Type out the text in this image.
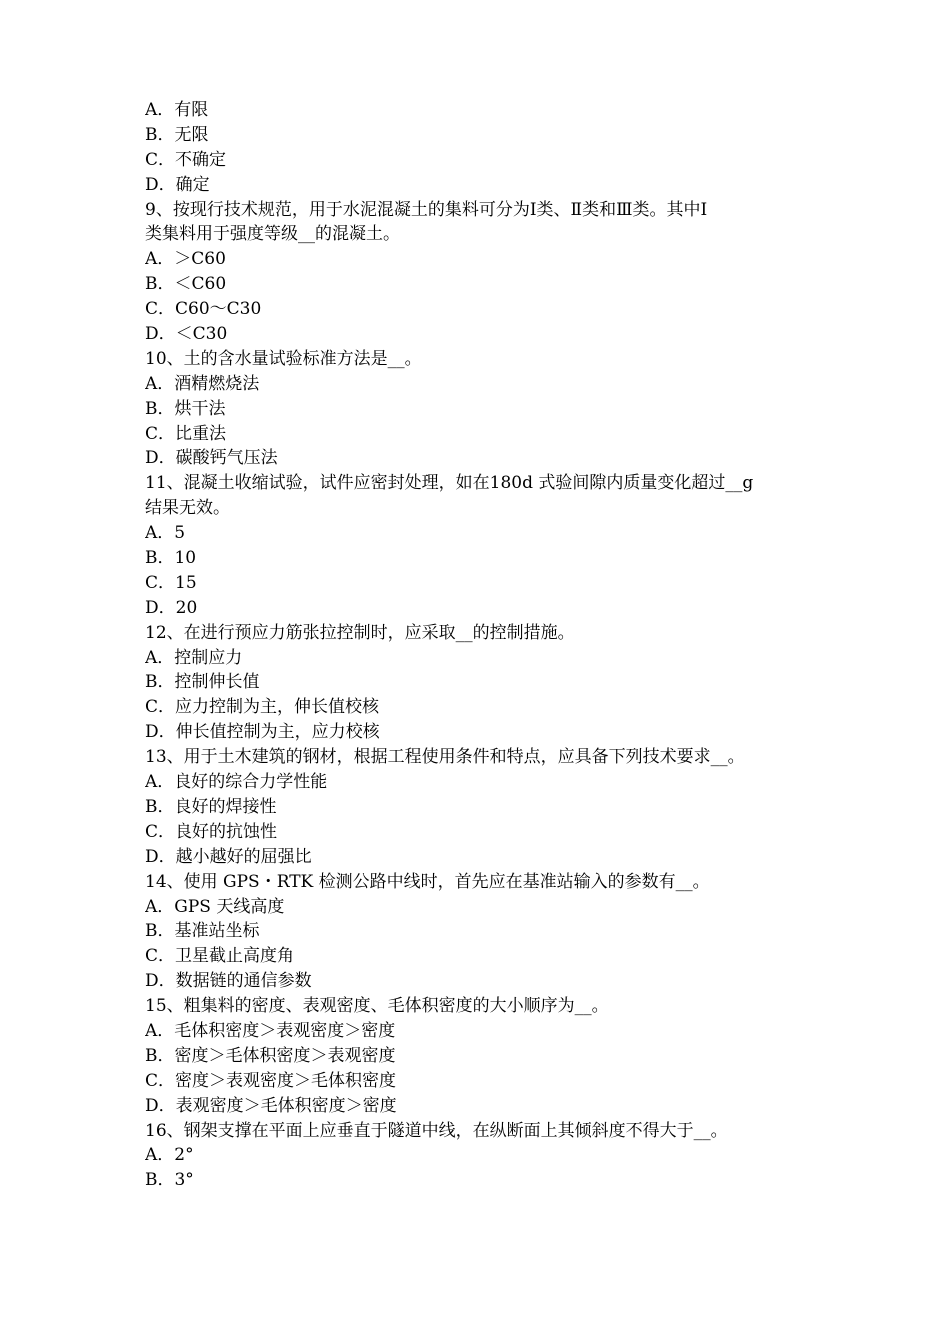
A．有限
B．无限
C．不确定
D．确定
9、按现行技术规范，用于水泥混凝土的集料可分为Ⅰ类、Ⅱ类和Ⅲ类。其中Ⅰ
类集料用于强度等级__的混凝土。
A．＞C60
B．＜C60
C．C60～C30
D．＜C30
10、土的含水量试验标准方法是__。
A．酒精燃烧法
B．烘干法
C．比重法
D．碳酸钙气压法
11、混凝土收缩试验，试件应密封处理，如在180d 式验间隙内质量变化超过__g
结果无效。
A．5
B．10
C．15
D．20
12、在进行预应力筋张拉控制时，应采取__的控制措施。
A．控制应力
B．控制伸长值
C．应力控制为主，伸长值校核
D．伸长值控制为主，应力校核
13、用于土木建筑的钢材，根据工程使用条件和特点，应具备下列技术要求__。
A．良好的综合力学性能
B．良好的焊接性
C．良好的抗蚀性
D．越小越好的屈强比
14、使用 GPS・RTK 检测公路中线时，首先应在基准站输入的参数有__。
A．GPS 天线高度
B．基准站坐标
C．卫星截止高度角
D．数据链的通信参数
15、粗集料的密度、表观密度、毛体积密度的大小顺序为__。
A．毛体积密度＞表观密度＞密度
B．密度＞毛体积密度＞表观密度
C．密度＞表观密度＞毛体积密度
D．表观密度＞毛体积密度＞密度
16、钢架支撑在平面上应垂直于隧道中线，在纵断面上其倾斜度不得大于__。
A．2°
B．3°
